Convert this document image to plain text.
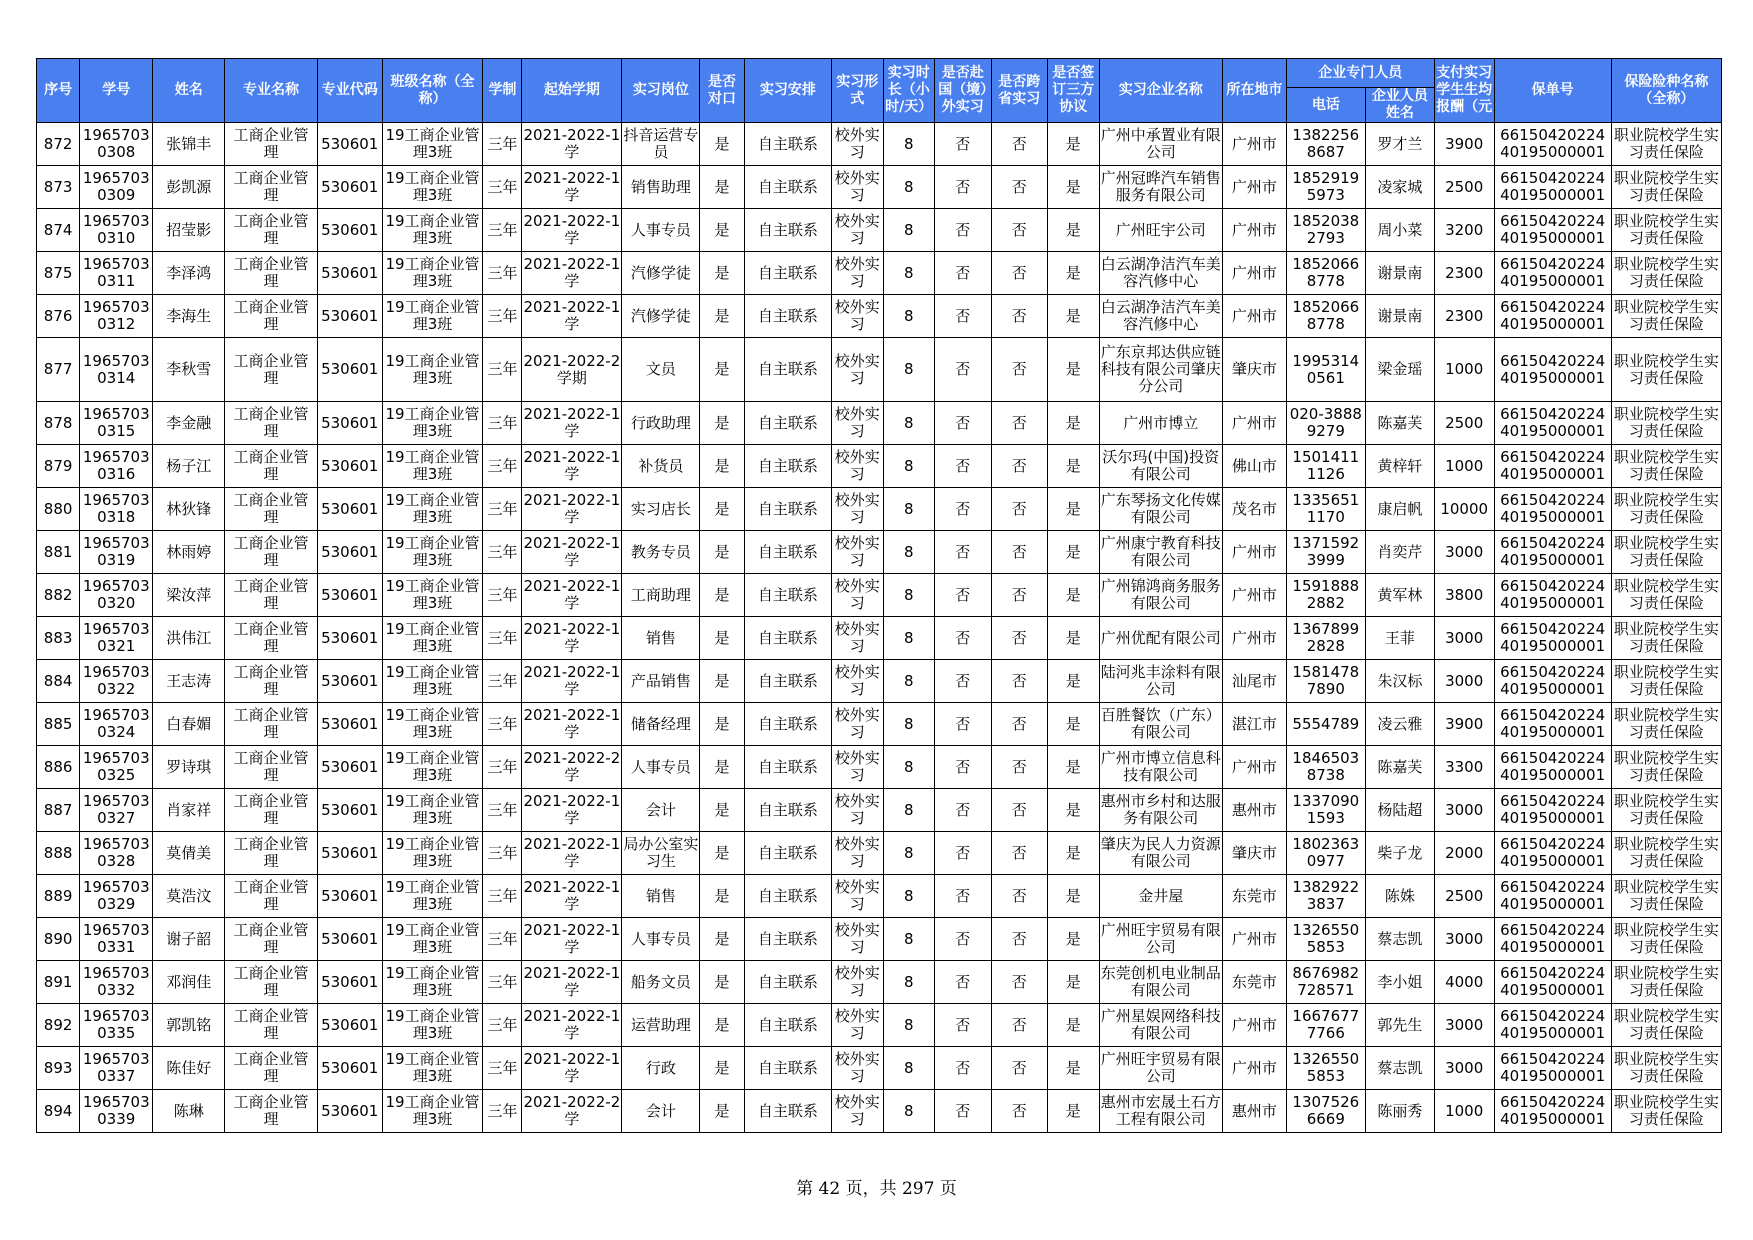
序号	学号	姓名	专业名称	专业代码	班级名称（全称）	学制	起始学期	实习岗位	是否对口	实习安排	实习形式	实习时长（小时/天）	是否赴国（境）外实习	是否跨省实习	是否签订三方协议	实习企业名称	所在地市	企业专门人员		支付实习学生生均报酬（元	保单号	保险险种名称（全称）
																		电话	企业人员姓名			
872	19657030308	张锦丰	工商企业管理	530601	19工商企业管理3班	三年	2021-2022-1学	抖音运营专员	是	自主联系	校外实习	8	否	否	是	广州中承置业有限公司	广州市	13822568687	罗才兰	3900	6615042022440195000001	职业院校学生实习责任保险
873	19657030309	彭凯源	工商企业管理	530601	19工商企业管理3班	三年	2021-2022-1学	销售助理	是	自主联系	校外实习	8	否	否	是	广州冠晔汽车销售服务有限公司	广州市	18529195973	凌家城	2500	6615042022440195000001	职业院校学生实习责任保险
874	19657030310	招莹影	工商企业管理	530601	19工商企业管理3班	三年	2021-2022-1学	人事专员	是	自主联系	校外实习	8	否	否	是	广州旺宇公司	广州市	18520382793	周小菜	3200	6615042022440195000001	职业院校学生实习责任保险
875	19657030311	李泽鸿	工商企业管理	530601	19工商企业管理3班	三年	2021-2022-1学	汽修学徒	是	自主联系	校外实习	8	否	否	是	白云湖净洁汽车美容汽修中心	广州市	18520668778	谢景南	2300	6615042022440195000001	职业院校学生实习责任保险
876	19657030312	李海生	工商企业管理	530601	19工商企业管理3班	三年	2021-2022-1学	汽修学徒	是	自主联系	校外实习	8	否	否	是	白云湖净洁汽车美容汽修中心	广州市	18520668778	谢景南	2300	6615042022440195000001	职业院校学生实习责任保险
877	19657030314	李秋雪	工商企业管理	530601	19工商企业管理3班	三年	2021-2022-2学期	文员	是	自主联系	校外实习	8	否	否	是	广东京邦达供应链科技有限公司肇庆分公司	肇庆市	19953140561	梁金瑶	1000	6615042022440195000001	职业院校学生实习责任保险
878	19657030315	李金融	工商企业管理	530601	19工商企业管理3班	三年	2021-2022-1学	行政助理	是	自主联系	校外实习	8	否	否	是	广州市博立	广州市	020-38889279	陈嘉芙	2500	6615042022440195000001	职业院校学生实习责任保险
879	19657030316	杨子江	工商企业管理	530601	19工商企业管理3班	三年	2021-2022-1学	补货员	是	自主联系	校外实习	8	否	否	是	沃尔玛(中国)投资有限公司	佛山市	15014111126	黄梓轩	1000	6615042022440195000001	职业院校学生实习责任保险
880	19657030318	林狄锋	工商企业管理	530601	19工商企业管理3班	三年	2021-2022-1学	实习店长	是	自主联系	校外实习	8	否	否	是	广东琴扬文化传媒有限公司	茂名市	13356511170	康启帆	10000	6615042022440195000001	职业院校学生实习责任保险
881	19657030319	林雨婷	工商企业管理	530601	19工商企业管理3班	三年	2021-2022-1学	教务专员	是	自主联系	校外实习	8	否	否	是	广州康宁教育科技有限公司	广州市	13715923999	肖奕芹	3000	6615042022440195000001	职业院校学生实习责任保险
882	19657030320	梁汝萍	工商企业管理	530601	19工商企业管理3班	三年	2021-2022-1学	工商助理	是	自主联系	校外实习	8	否	否	是	广州锦鸿商务服务有限公司	广州市	15918882882	黄军林	3800	6615042022440195000001	职业院校学生实习责任保险
883	19657030321	洪伟江	工商企业管理	530601	19工商企业管理3班	三年	2021-2022-1学	销售	是	自主联系	校外实习	8	否	否	是	广州优配有限公司	广州市	13678992828	王菲	3000	6615042022440195000001	职业院校学生实习责任保险
884	19657030322	王志涛	工商企业管理	530601	19工商企业管理3班	三年	2021-2022-1学	产品销售	是	自主联系	校外实习	8	否	否	是	陆河兆丰涂料有限公司	汕尾市	15814787890	朱汉标	3000	6615042022440195000001	职业院校学生实习责任保险
885	19657030324	白春媚	工商企业管理	530601	19工商企业管理3班	三年	2021-2022-1学	储备经理	是	自主联系	校外实习	8	否	否	是	百胜餐饮（广东）有限公司	湛江市	5554789	凌云雅	3900	6615042022440195000001	职业院校学生实习责任保险
886	19657030325	罗诗琪	工商企业管理	530601	19工商企业管理3班	三年	2021-2022-2学	人事专员	是	自主联系	校外实习	8	否	否	是	广州市博立信息科技有限公司	广州市	18465038738	陈嘉芙	3300	6615042022440195000001	职业院校学生实习责任保险
887	19657030327	肖家祥	工商企业管理	530601	19工商企业管理3班	三年	2021-2022-1学	会计	是	自主联系	校外实习	8	否	否	是	惠州市乡村和达服务有限公司	惠州市	13370901593	杨陆超	3000	6615042022440195000001	职业院校学生实习责任保险
888	19657030328	莫倩美	工商企业管理	530601	19工商企业管理3班	三年	2021-2022-1学	局办公室实习生	是	自主联系	校外实习	8	否	否	是	肇庆为民人力资源有限公司	肇庆市	18023630977	柴子龙	2000	6615042022440195000001	职业院校学生实习责任保险
889	19657030329	莫浩汶	工商企业管理	530601	19工商企业管理3班	三年	2021-2022-1学	销售	是	自主联系	校外实习	8	否	否	是	金井屋	东莞市	13829223837	陈姝	2500	6615042022440195000001	职业院校学生实习责任保险
890	19657030331	谢子韶	工商企业管理	530601	19工商企业管理3班	三年	2021-2022-1学	人事专员	是	自主联系	校外实习	8	否	否	是	广州旺宇贸易有限公司	广州市	13265505853	蔡志凯	3000	6615042022440195000001	职业院校学生实习责任保险
891	19657030332	邓润佳	工商企业管理	530601	19工商企业管理3班	三年	2021-2022-1学	船务文员	是	自主联系	校外实习	8	否	否	是	东莞创机电业制品有限公司	东莞市	8676982728571	李小姐	4000	6615042022440195000001	职业院校学生实习责任保险
892	19657030335	郭凯铭	工商企业管理	530601	19工商企业管理3班	三年	2021-2022-1学	运营助理	是	自主联系	校外实习	8	否	否	是	广州星娱网络科技有限公司	广州市	16676777766	郭先生	3000	6615042022440195000001	职业院校学生实习责任保险
893	19657030337	陈佳好	工商企业管理	530601	19工商企业管理3班	三年	2021-2022-1学	行政	是	自主联系	校外实习	8	否	否	是	广州旺宇贸易有限公司	广州市	13265505853	蔡志凯	3000	6615042022440195000001	职业院校学生实习责任保险
894	19657030339	陈琳	工商企业管理	530601	19工商企业管理3班	三年	2021-2022-2学	会计	是	自主联系	校外实习	8	否	否	是	惠州市宏晟土石方工程有限公司	惠州市	13075266669	陈丽秀	1000	6615042022440195000001	职业院校学生实习责任保险
第 42 页，共 297 页
